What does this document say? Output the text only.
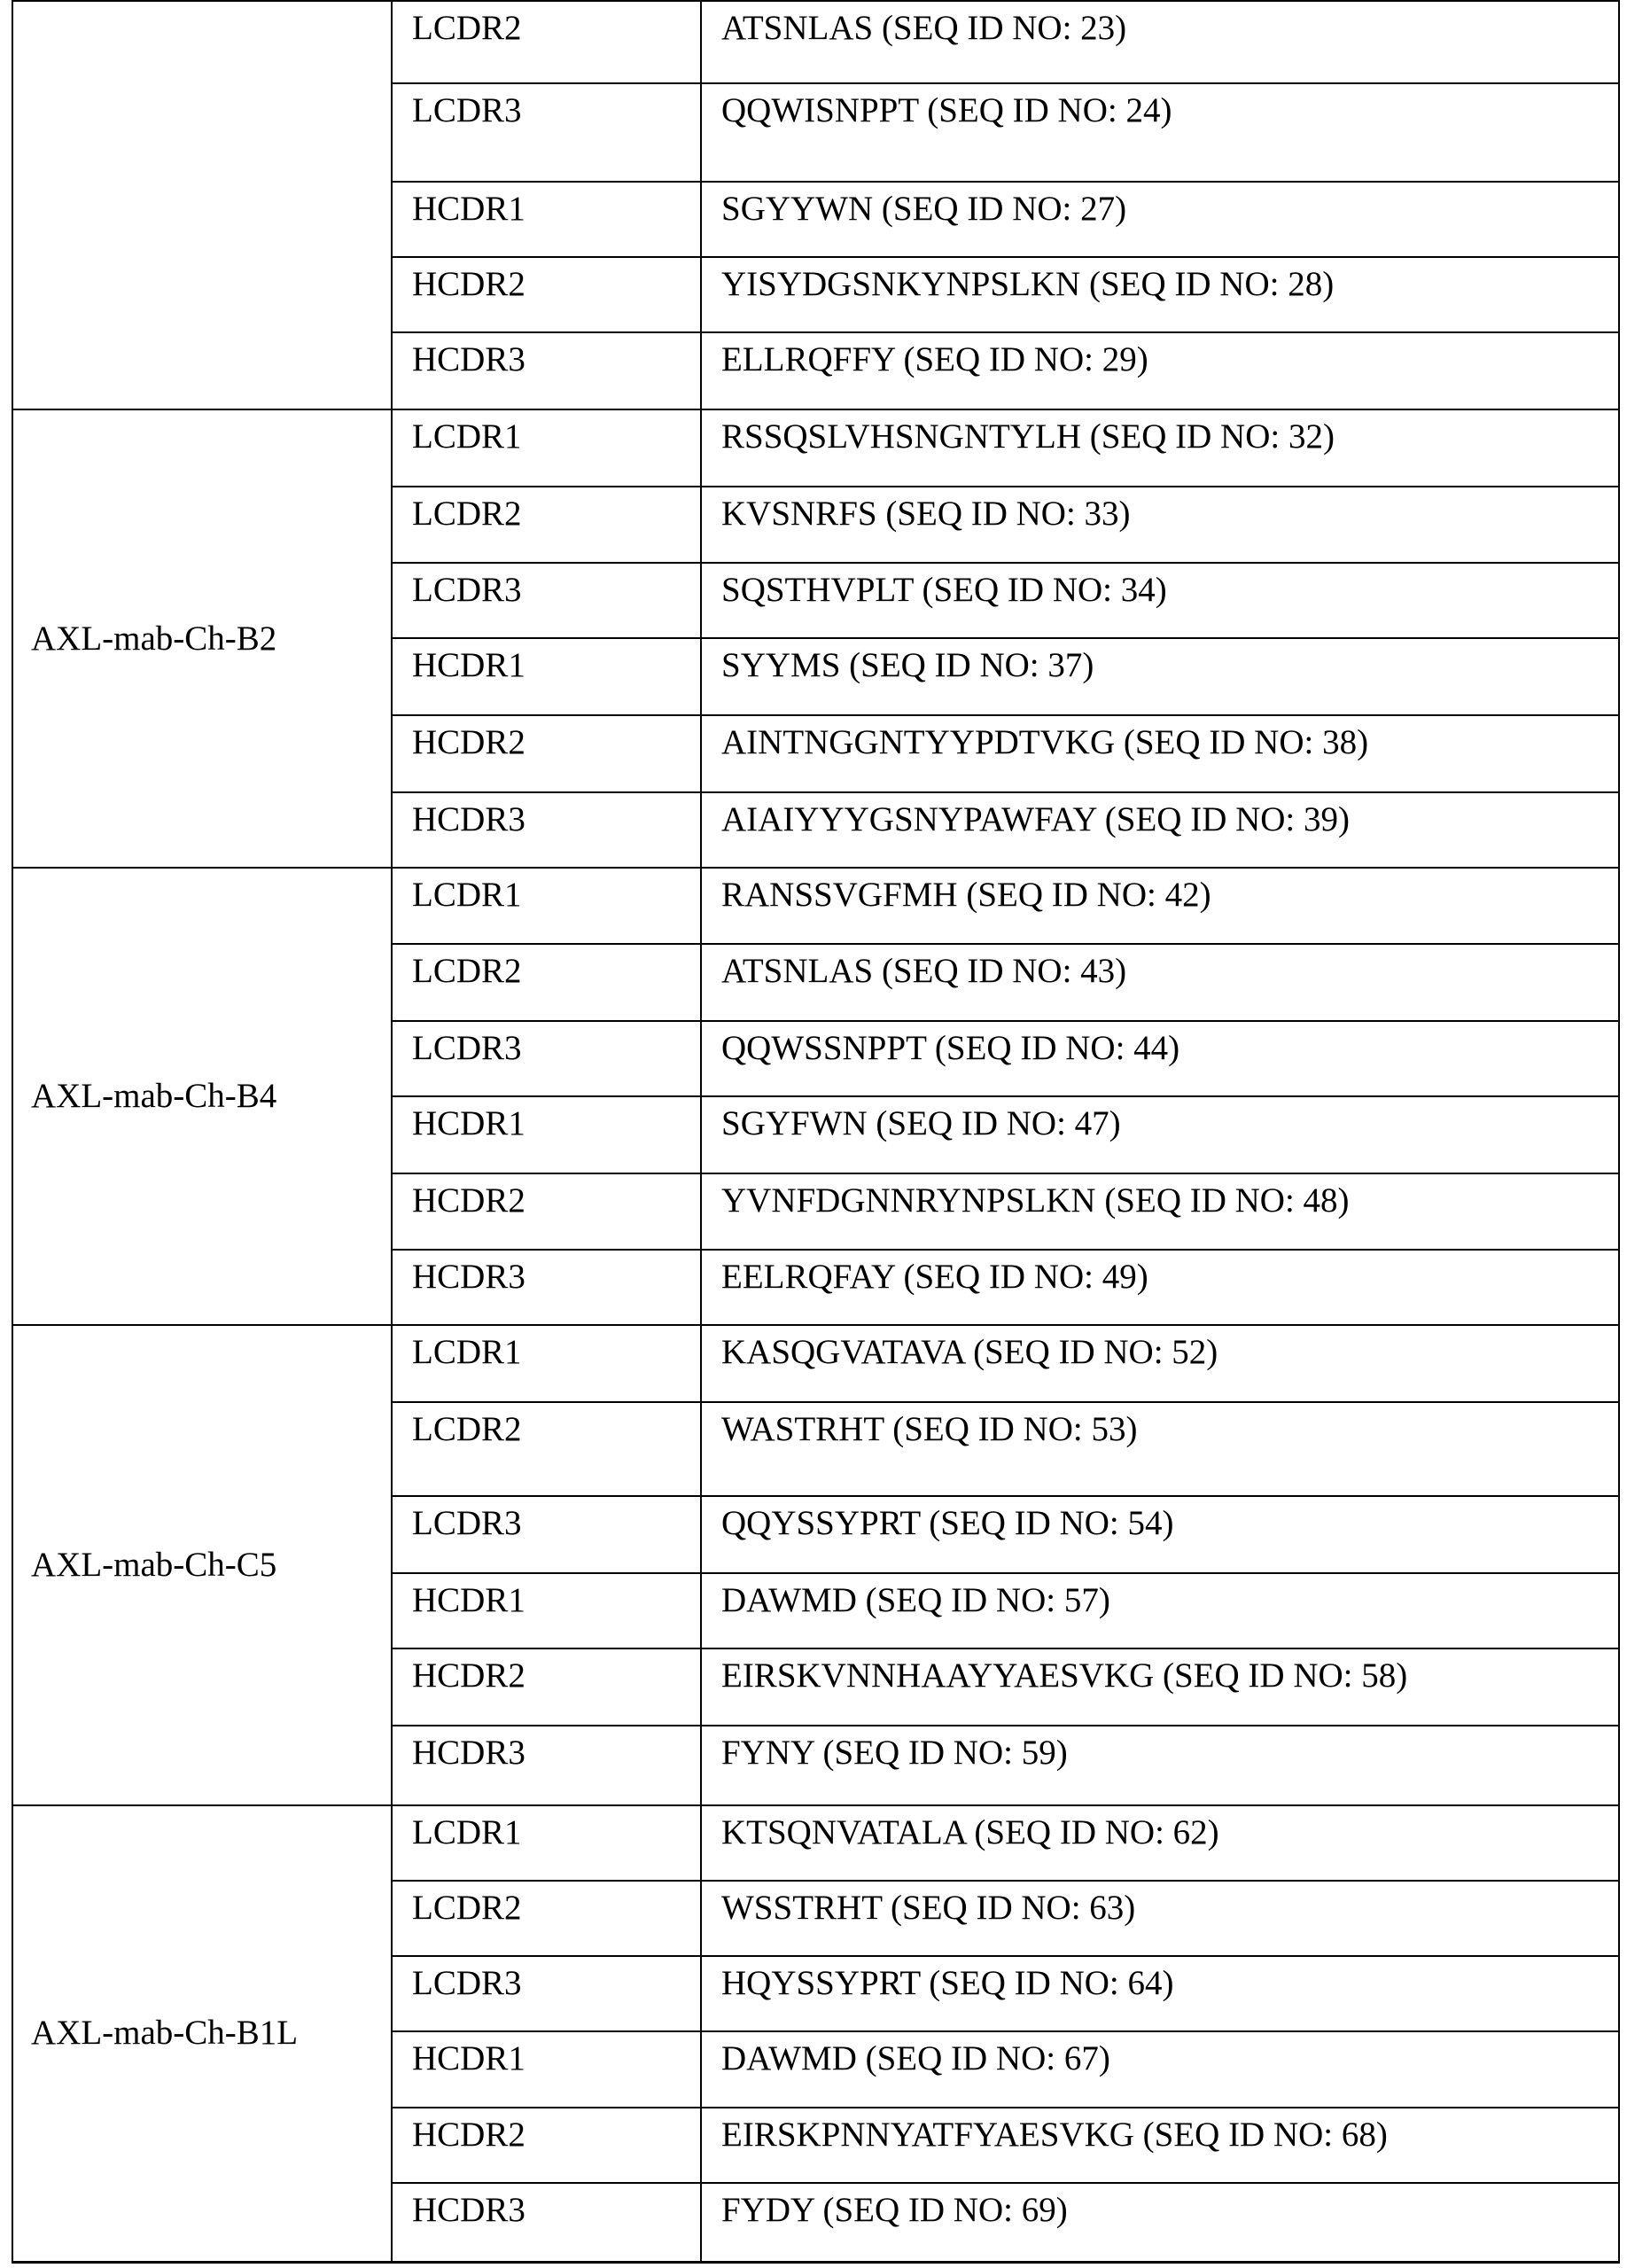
	LCDR2	ATSNLAS (SEQ ID NO: 23)
LCDR3	QQWISNPPT (SEQ ID NO: 24)
HCDR1	SGYYWN (SEQ ID NO: 27)
HCDR2	YISYDGSNKYNPSLKN (SEQ ID NO: 28)
HCDR3	ELLRQFFY (SEQ ID NO: 29)
AXL-mab-Ch-B2	LCDR1	RSSQSLVHSNGNTYLH (SEQ ID NO: 32)
LCDR2	KVSNRFS (SEQ ID NO: 33)
LCDR3	SQSTHVPLT (SEQ ID NO: 34)
HCDR1	SYYMS (SEQ ID NO: 37)
HCDR2	AINTNGGNTYYPDTVKG (SEQ ID NO: 38)
HCDR3	AIAIYYYGSNYPAWFAY (SEQ ID NO: 39)
AXL-mab-Ch-B4	LCDR1	RANSSVGFMH (SEQ ID NO: 42)
LCDR2	ATSNLAS (SEQ ID NO: 43)
LCDR3	QQWSSNPPT (SEQ ID NO: 44)
HCDR1	SGYFWN (SEQ ID NO: 47)
HCDR2	YVNFDGNNRYNPSLKN (SEQ ID NO: 48)
HCDR3	EELRQFAY (SEQ ID NO: 49)
AXL-mab-Ch-C5	LCDR1	KASQGVATAVA (SEQ ID NO: 52)
LCDR2	WASTRHT (SEQ ID NO: 53)
LCDR3	QQYSSYPRT (SEQ ID NO: 54)
HCDR1	DAWMD (SEQ ID NO: 57)
HCDR2	EIRSKVNNHAAYYAESVKG (SEQ ID NO: 58)
HCDR3	FYNY (SEQ ID NO: 59)
AXL-mab-Ch-B1L	LCDR1	KTSQNVATALA (SEQ ID NO: 62)
LCDR2	WSSTRHT (SEQ ID NO: 63)
LCDR3	HQYSSYPRT (SEQ ID NO: 64)
HCDR1	DAWMD (SEQ ID NO: 67)
HCDR2	EIRSKPNNYATFYAESVKG (SEQ ID NO: 68)
HCDR3	FYDY (SEQ ID NO: 69)
